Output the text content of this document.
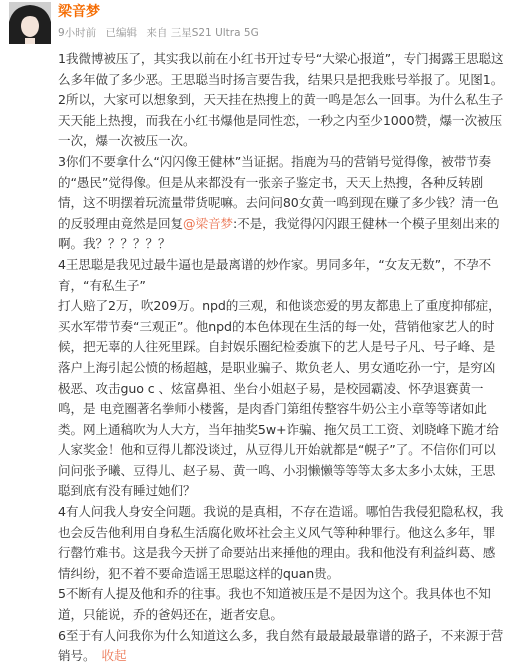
梁音梦
9小时前 已编辑 来自 三星S21 Ultra 5G

1我微博被压了，其实我以前在小红书开过专号“大梁心报道”，专门揭露王思聪这么多年做了多少恶。王思聪当时扬言要告我，结果只是把我账号举报了。见图1。

2所以，大家可以想象到，天天挂在热搜上的黄一鸣是怎么一回事。为什么私生子天天能上热搜，而我在小红书爆他是同性恋，一秒之内至少1000赞，爆一次被压一次，爆一次被压一次。

3你们不要拿什么“闪闪像王健林”当证据。指鹿为马的营销号觉得像，被带节奏的“愚民”觉得像。但是从来都没有一张亲子鉴定书，天天上热搜，各种反转剧情，这不明摆着玩流量带货呢嘛。去问问80女黄一鸣到现在赚了多少钱？清一色的反驳理由竟然是回复@梁音梦:不是，我觉得闪闪跟王健林一个模子里刻出来的啊。我？？？？？？

4王思聪是我见过最牛逼也是最离谱的炒作家。男同多年，“女友无数”，不孕不育，“有私生子”

打人赔了2万，吹209万。npd的三观，和他谈恋爱的男友都患上了重度抑郁症，买水军带节奏“三观正”。他npd的本色体现在生活的每一处，营销他家艺人的时候，把无辜的人往死里踩。自封娱乐圈纪检委旗下的艺人是号子凡、号子峰、是落户上海引起公愤的杨超越，是职业骗子、欺负老人、男女通吃孙一宁，是穷凶极恶、攻击guo c 、炫富鼻祖、坐台小姐赵子易，是校园霸凌、怀孕退赛黄一鸣，是 电竞圈著名拳师小楼酱，是肉香门第组传整容牛奶公主小章等等诸如此类。网上通稿吹为人大方，当年抽奖5w+诈骗、拖欠员工工资、刘晓峰下跪才给人家奖金！他和豆得儿都没谈过，从豆得儿开始就都是“幌子”了。不信你们可以问问张予曦、豆得儿、赵子易、黄一鸣、小羽懒懒等等等太多太多小太妹，王思聪到底有没有睡过她们？

4有人问我人身安全问题。我说的是真相，不存在造谣。哪怕告我侵犯隐私权，我也会反告他利用自身私生活腐化败坏社会主义风气等种种罪行。他这么多年，罪行罄竹难书。这是我今天拼了命要站出来捶他的理由。我和他没有利益纠葛、感情纠纷，犯不着不要命造谣王思聪这样的quan贵。

5不断有人提及他和乔的往事。我也不知道被压是不是因为这个。我具体也不知道，只能说，乔的爸妈还在，逝者安息。

6至于有人问我你为什么知道这么多，我自然有最最最最靠谱的路子，不来源于营销号。 收起
